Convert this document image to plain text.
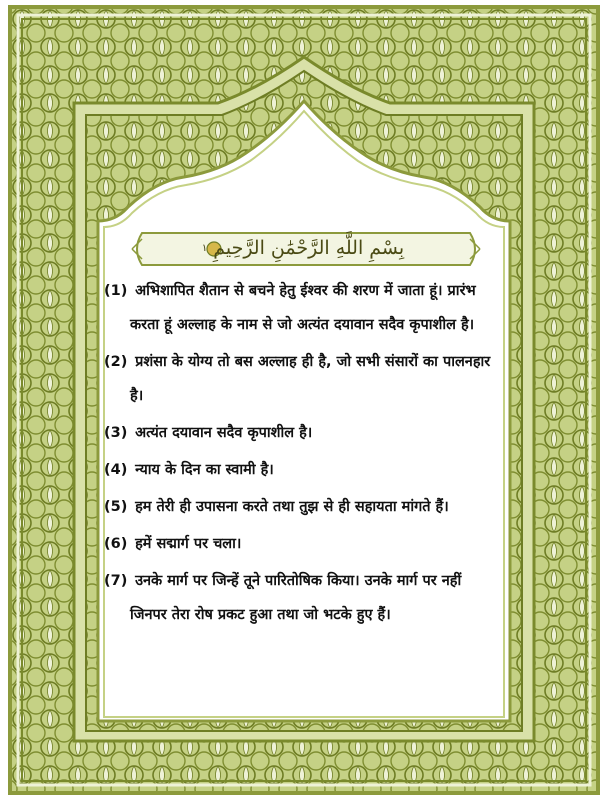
بِسْمِ اللَّهِ الرَّحْمَٰنِ الرَّحِيمِ
١

(1) अभिशापित शैतान से बचने हेतु ईश्वर की शरण में जाता हूं। प्रारंभ करता हूं अल्लाह के नाम से जो अत्यंत दयावान सदैव कृपाशील है।

(2) प्रशंसा के योग्य तो बस अल्लाह ही है, जो सभी संसारों का पालनहार है।

(3) अत्यंत दयावान सदैव कृपाशील है।

(4) न्याय के दिन का स्वामी है।

(5) हम तेरी ही उपासना करते तथा तुझ से ही सहायता मांगते हैं।

(6) हमें सद्मार्ग पर चला।

(7) उनके मार्ग पर जिन्हें तूने पारितोषिक किया। उनके मार्ग पर नहीं जिनपर तेरा रोष प्रकट हुआ तथा जो भटके हुए हैं।
